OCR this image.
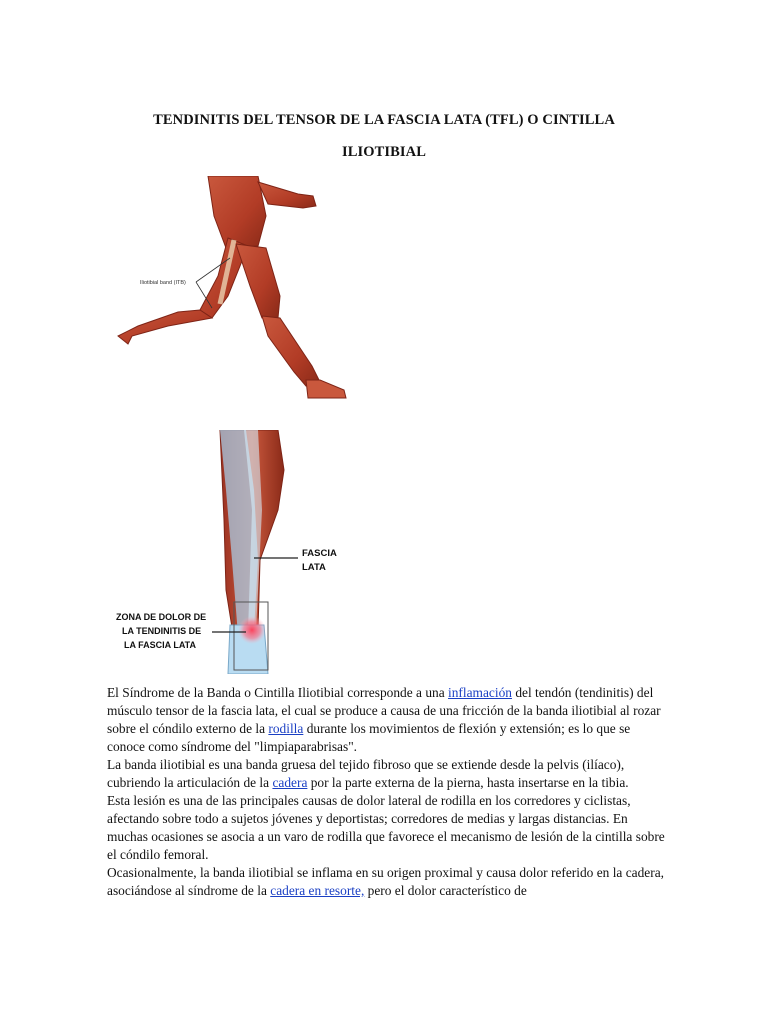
TENDINITIS DEL TENSOR DE LA FASCIA LATA (TFL) O CINTILLA
ILIOTIBIAL
Iliotibial band (ITB)
FASCIA
LATA
ZONA DE DOLOR DE
LA TENDINITIS DE
LA FASCIA LATA

El Síndrome de la Banda o Cintilla Iliotibial corresponde a una inflamación del tendón (tendinitis) del músculo tensor de la fascia lata, el cual se produce a causa de una fricción de la banda iliotibial al rozar sobre el cóndilo externo de la rodilla durante los movimientos de flexión y extensión; es lo que se conoce como síndrome del "limpiaparabrisas".

La banda iliotibial es una banda gruesa del tejido fibroso que se extiende desde la pelvis (ilíaco), cubriendo la articulación de la cadera por la parte externa de la pierna, hasta insertarse en la tibia.

Esta lesión es una de las principales causas de dolor lateral de rodilla en los corredores y ciclistas, afectando sobre todo a sujetos jóvenes y deportistas; corredores de medias y largas distancias. En muchas ocasiones se asocia a un varo de rodilla que favorece el mecanismo de lesión de la cintilla sobre el cóndilo femoral.

Ocasionalmente, la banda iliotibial se inflama en su origen proximal y causa dolor referido en la cadera, asociándose al síndrome de la cadera en resorte, pero el dolor característico de
